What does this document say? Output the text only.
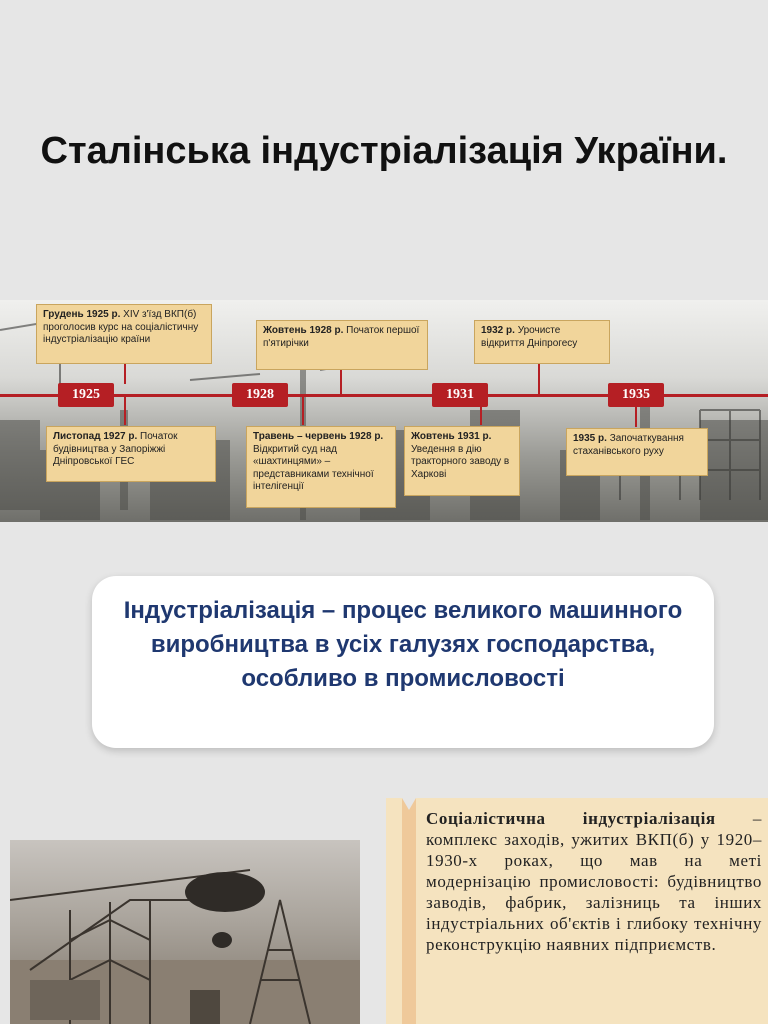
Сталінська індустріалізація України.
1925	1928	1931	1935
Грудень 1925 р. XIV з'їзд ВКП(б) проголосив курс на соціалістичну індустріалізацію країни
Жовтень 1928 р. Початок першої п'ятирічки
1932 р. Урочисте відкриття Дніпрогесу
Листопад 1927 р. Початок будівництва у Запоріжжі Дніпровської ГЕС
Травень – червень 1928 р. Відкритий суд над «шахтинцями» – представниками технічної інтелігенції
Жовтень 1931 р. Уведення в дію тракторного заводу в Харкові
1935 р. Започаткування стаханівського руху
Індустріалізація – процес великого машинного виробництва в усіх галузях господарства, особливо в промисловості

Соціалістична індустріалізація – комплекс заходів, ужитих ВКП(б) у 1920–1930-х роках, що мав на меті модернізацію промисловості: будівництво заводів, фабрик, залізниць та інших індустріальних об'єктів і глибоку технічну реконструкцію наявних підприємств.
